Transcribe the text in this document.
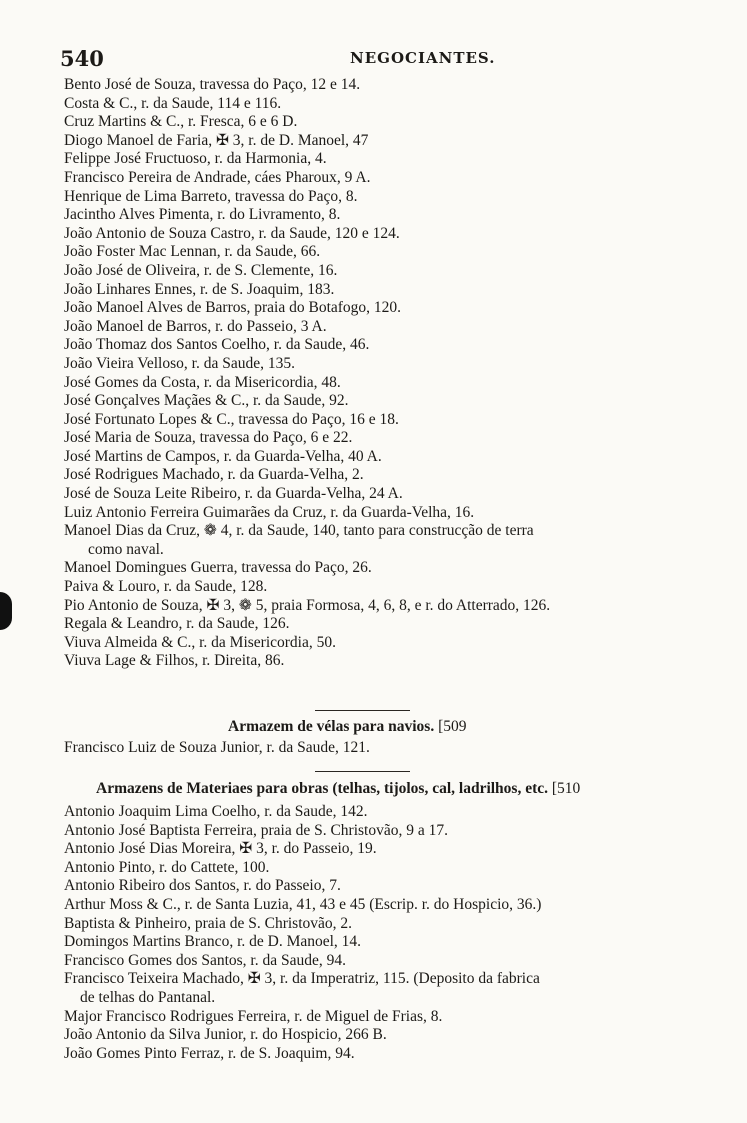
540	NEGOCIANTES.
Bento José de Souza, travessa do Paço, 12 e 14.
Costa & C., r. da Saude, 114 e 116.
Cruz Martins & C., r. Fresca, 6 e 6 D.
Diogo Manoel de Faria, ✠ 3, r. de D. Manoel, 47
Felippe José Fructuoso, r. da Harmonia, 4.
Francisco Pereira de Andrade, cáes Pharoux, 9 A.
Henrique de Lima Barreto, travessa do Paço, 8.
Jacintho Alves Pimenta, r. do Livramento, 8.
João Antonio de Souza Castro, r. da Saude, 120 e 124.
João Foster Mac Lennan, r. da Saude, 66.
João José de Oliveira, r. de S. Clemente, 16.
João Linhares Ennes, r. de S. Joaquim, 183.
João Manoel Alves de Barros, praia do Botafogo, 120.
João Manoel de Barros, r. do Passeio, 3 A.
João Thomaz dos Santos Coelho, r. da Saude, 46.
João Vieira Velloso, r. da Saude, 135.
José Gomes da Costa, r. da Misericordia, 48.
José Gonçalves Maçães & C., r. da Saude, 92.
José Fortunato Lopes & C., travessa do Paço, 16 e 18.
José Maria de Souza, travessa do Paço, 6 e 22.
José Martins de Campos, r. da Guarda-Velha, 40 A.
José Rodrigues Machado, r. da Guarda-Velha, 2.
José de Souza Leite Ribeiro, r. da Guarda-Velha, 24 A.
Luiz Antonio Ferreira Guimarães da Cruz, r. da Guarda-Velha, 16.
Manoel Dias da Cruz, ❁ 4, r. da Saude, 140, tanto para construcção de terra
como naval.
Manoel Domingues Guerra, travessa do Paço, 26.
Paiva & Louro, r. da Saude, 128.
Pio Antonio de Souza, ✠ 3, ❁ 5, praia Formosa, 4, 6, 8, e r. do Atterrado, 126.
Regala & Leandro, r. da Saude, 126.
Viuva Almeida & C., r. da Misericordia, 50.
Viuva Lage & Filhos, r. Direita, 86.
Armazem de vélas para navios. [509
Francisco Luiz de Souza Junior, r. da Saude, 121.
Armazens de Materiaes para obras (telhas, tijolos, cal, ladrilhos, etc. [510
Antonio Joaquim Lima Coelho, r. da Saude, 142.
Antonio José Baptista Ferreira, praia de S. Christovão, 9 a 17.
Antonio José Dias Moreira, ✠ 3, r. do Passeio, 19.
Antonio Pinto, r. do Cattete, 100.
Antonio Ribeiro dos Santos, r. do Passeio, 7.
Arthur Moss & C., r. de Santa Luzia, 41, 43 e 45 (Escrip. r. do Hospicio, 36.)
Baptista & Pinheiro, praia de S. Christovão, 2.
Domingos Martins Branco, r. de D. Manoel, 14.
Francisco Gomes dos Santos, r. da Saude, 94.
Francisco Teixeira Machado, ✠ 3, r. da Imperatriz, 115. (Deposito da fabrica
de telhas do Pantanal.
Major Francisco Rodrigues Ferreira, r. de Miguel de Frias, 8.
João Antonio da Silva Junior, r. do Hospicio, 266 B.
João Gomes Pinto Ferraz, r. de S. Joaquim, 94.
